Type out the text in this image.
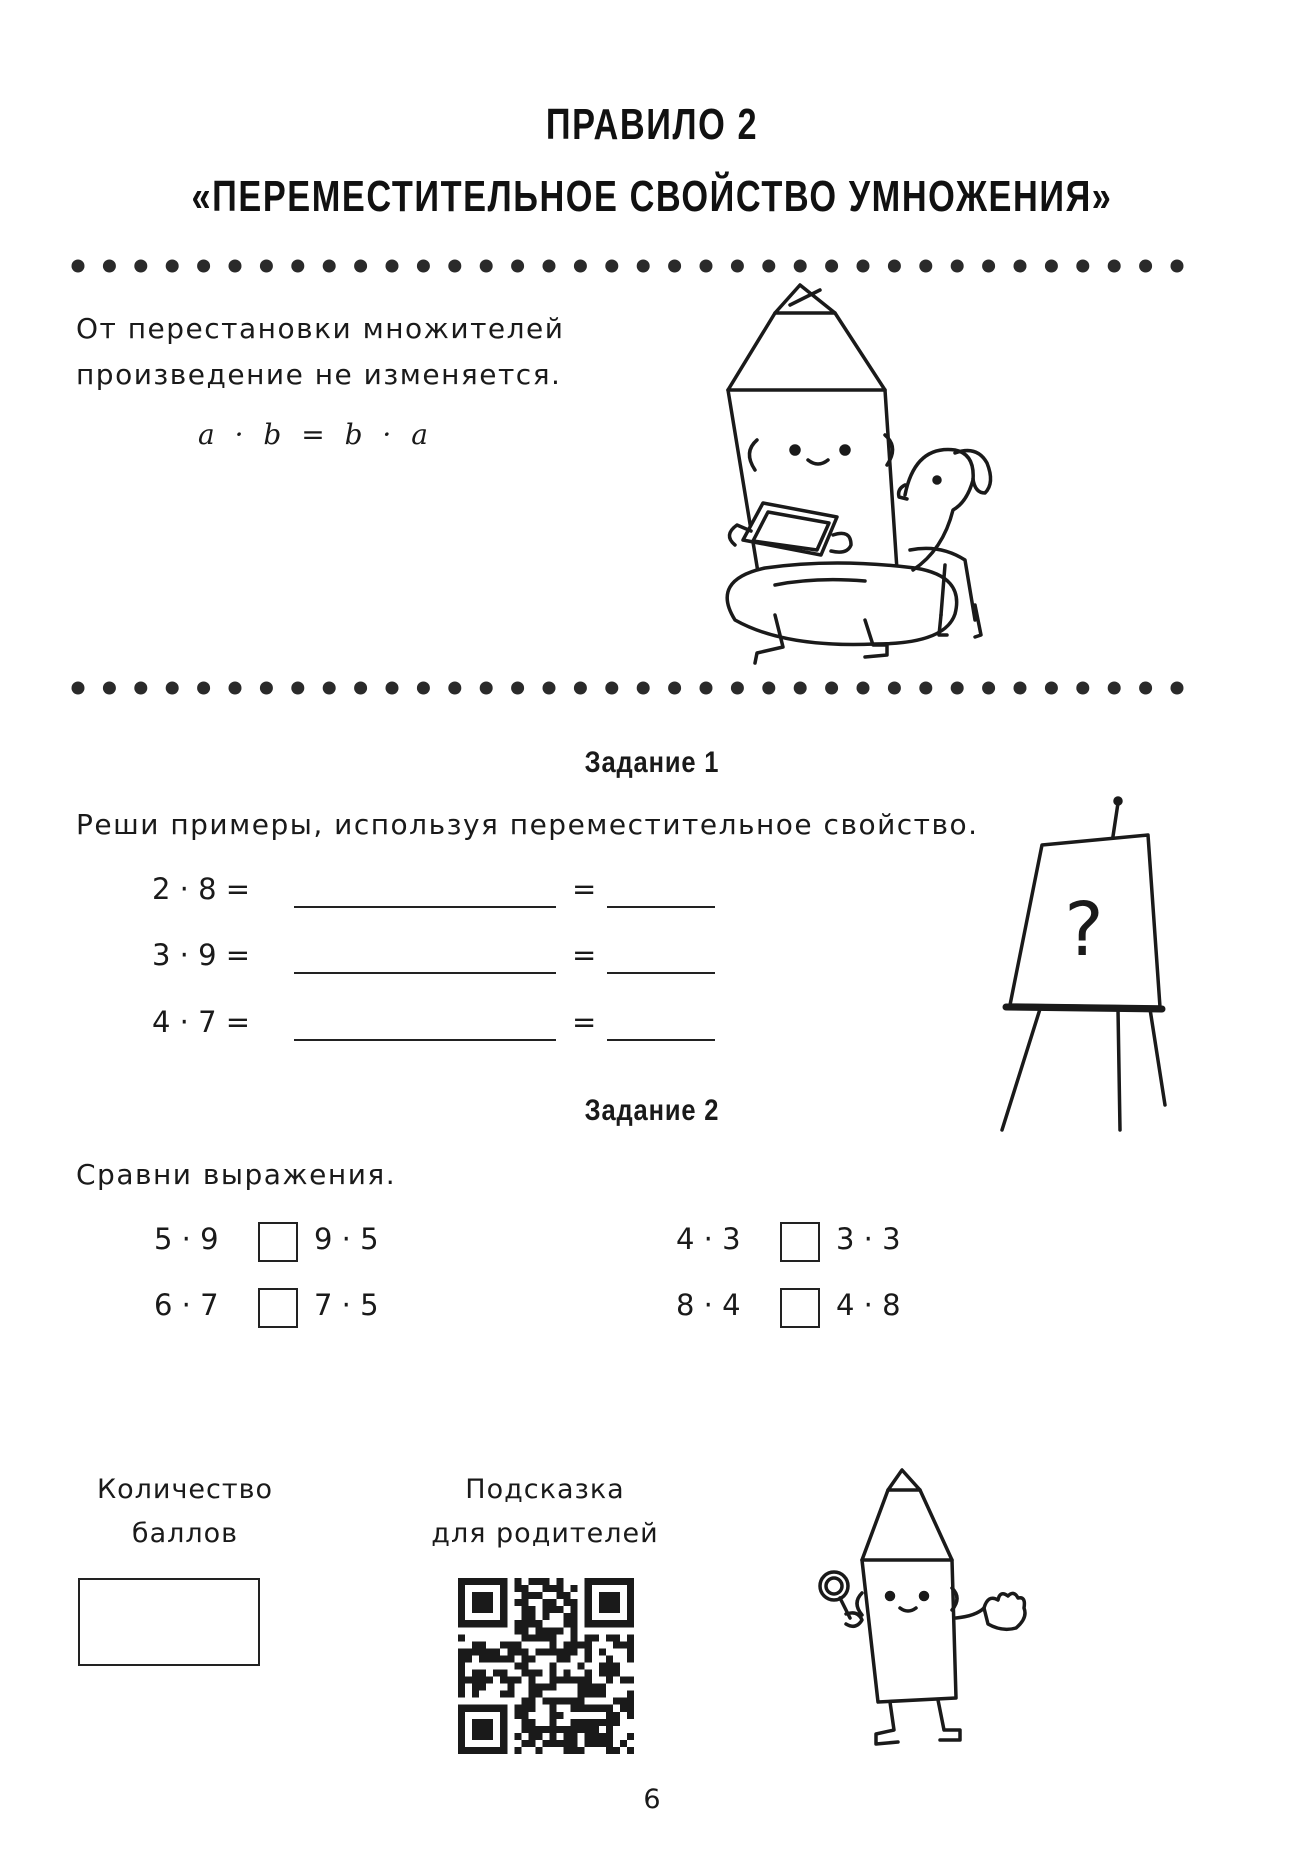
ПРАВИЛО 2
«ПЕРЕМЕСТИТЕЛЬНОЕ СВОЙСТВО УМНОЖЕНИЯ»
От перестановки множителей
произведение не изменяется.
a · b = b · a
Задание 1
Реши примеры, используя переместительное свойство.
2 · 8 =	=
3 · 9 =	=
4 · 7 =	=
?
Задание 2
Сравни выражения.
5 · 9	9 · 5
6 · 7	7 · 5
4 · 3	3 · 3
8 · 4	4 · 8
Количество
баллов
Подсказка
для родителей
6
